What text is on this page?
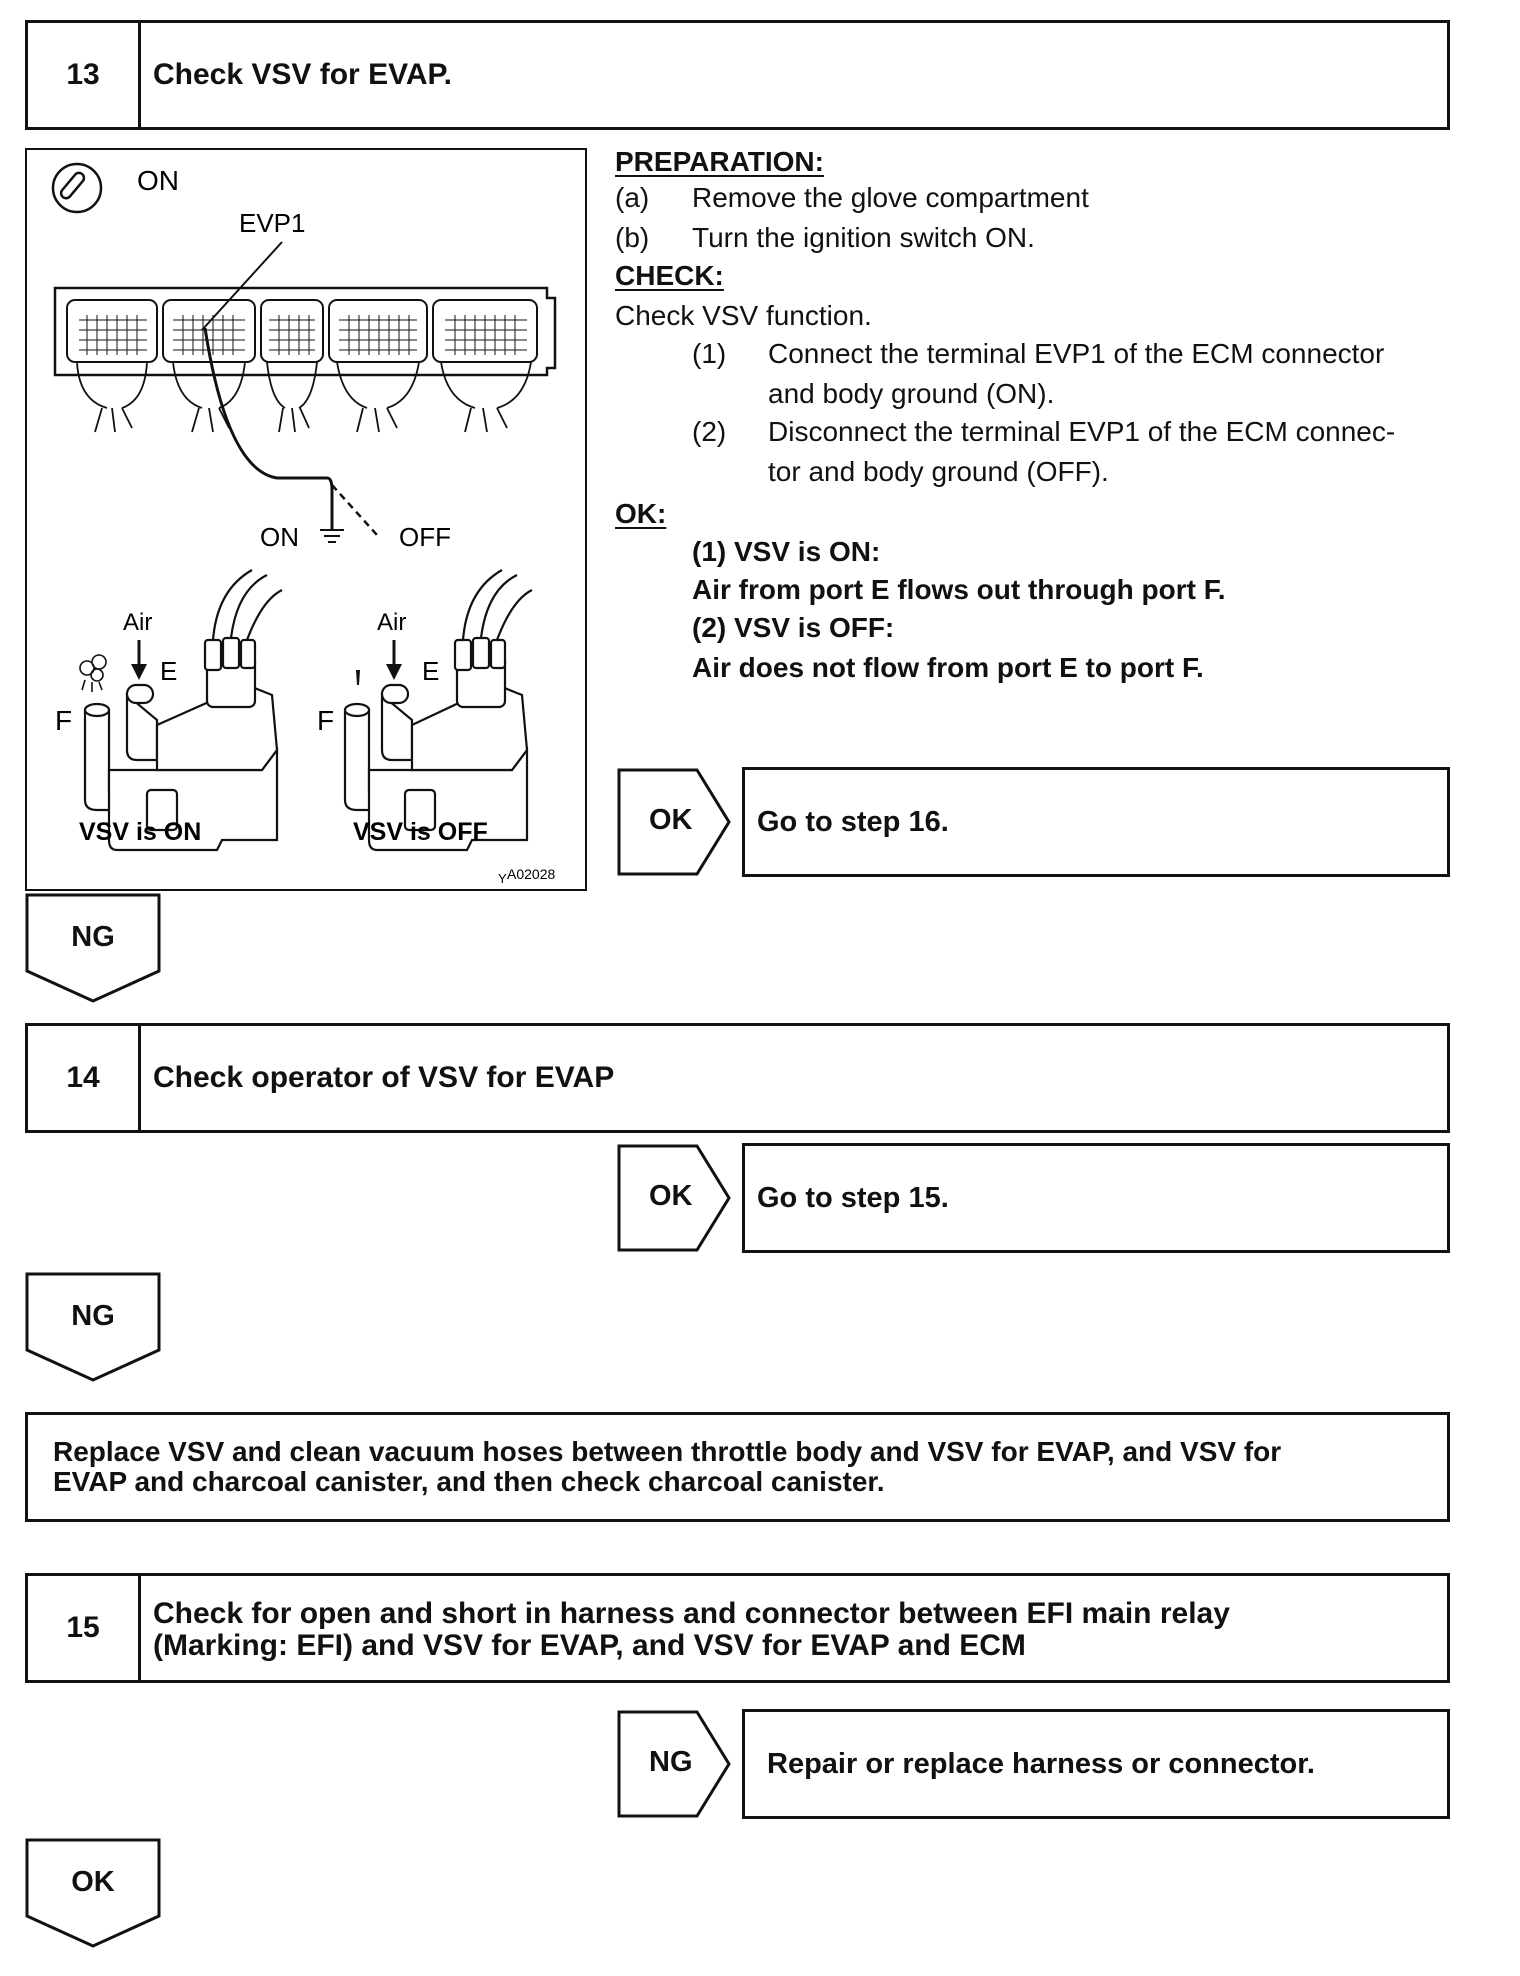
13	Check VSV for EVAP.
ON
EVP1
ON	OFF
Air
E
F
VSV is ON
Air
E
F
VSV is OFF
Y A02028
PREPARATION:
(a) Remove the glove compartment
(b) Turn the ignition switch ON.
CHECK:
Check VSV function.
(1) Connect the terminal EVP1 of the ECM connector
and body ground (ON).
(2) Disconnect the terminal EVP1 of the ECM connec-
tor and body ground (OFF).
OK:
(1) VSV is ON:
Air from port E flows out through port F.
(2) VSV is OFF:
Air does not flow from port E to port F.
OK	Go to step 16.
NG
14	Check operator of VSV for EVAP
OK	Go to step 15.
NG
Replace VSV and clean vacuum hoses between throttle body and VSV for EVAP, and VSV for
EVAP and charcoal canister, and then check charcoal canister.
15	Check for open and short in harness and connector between EFI main relay
(Marking: EFI) and VSV for EVAP, and VSV for EVAP and ECM
NG	Repair or replace harness or connector.
OK
